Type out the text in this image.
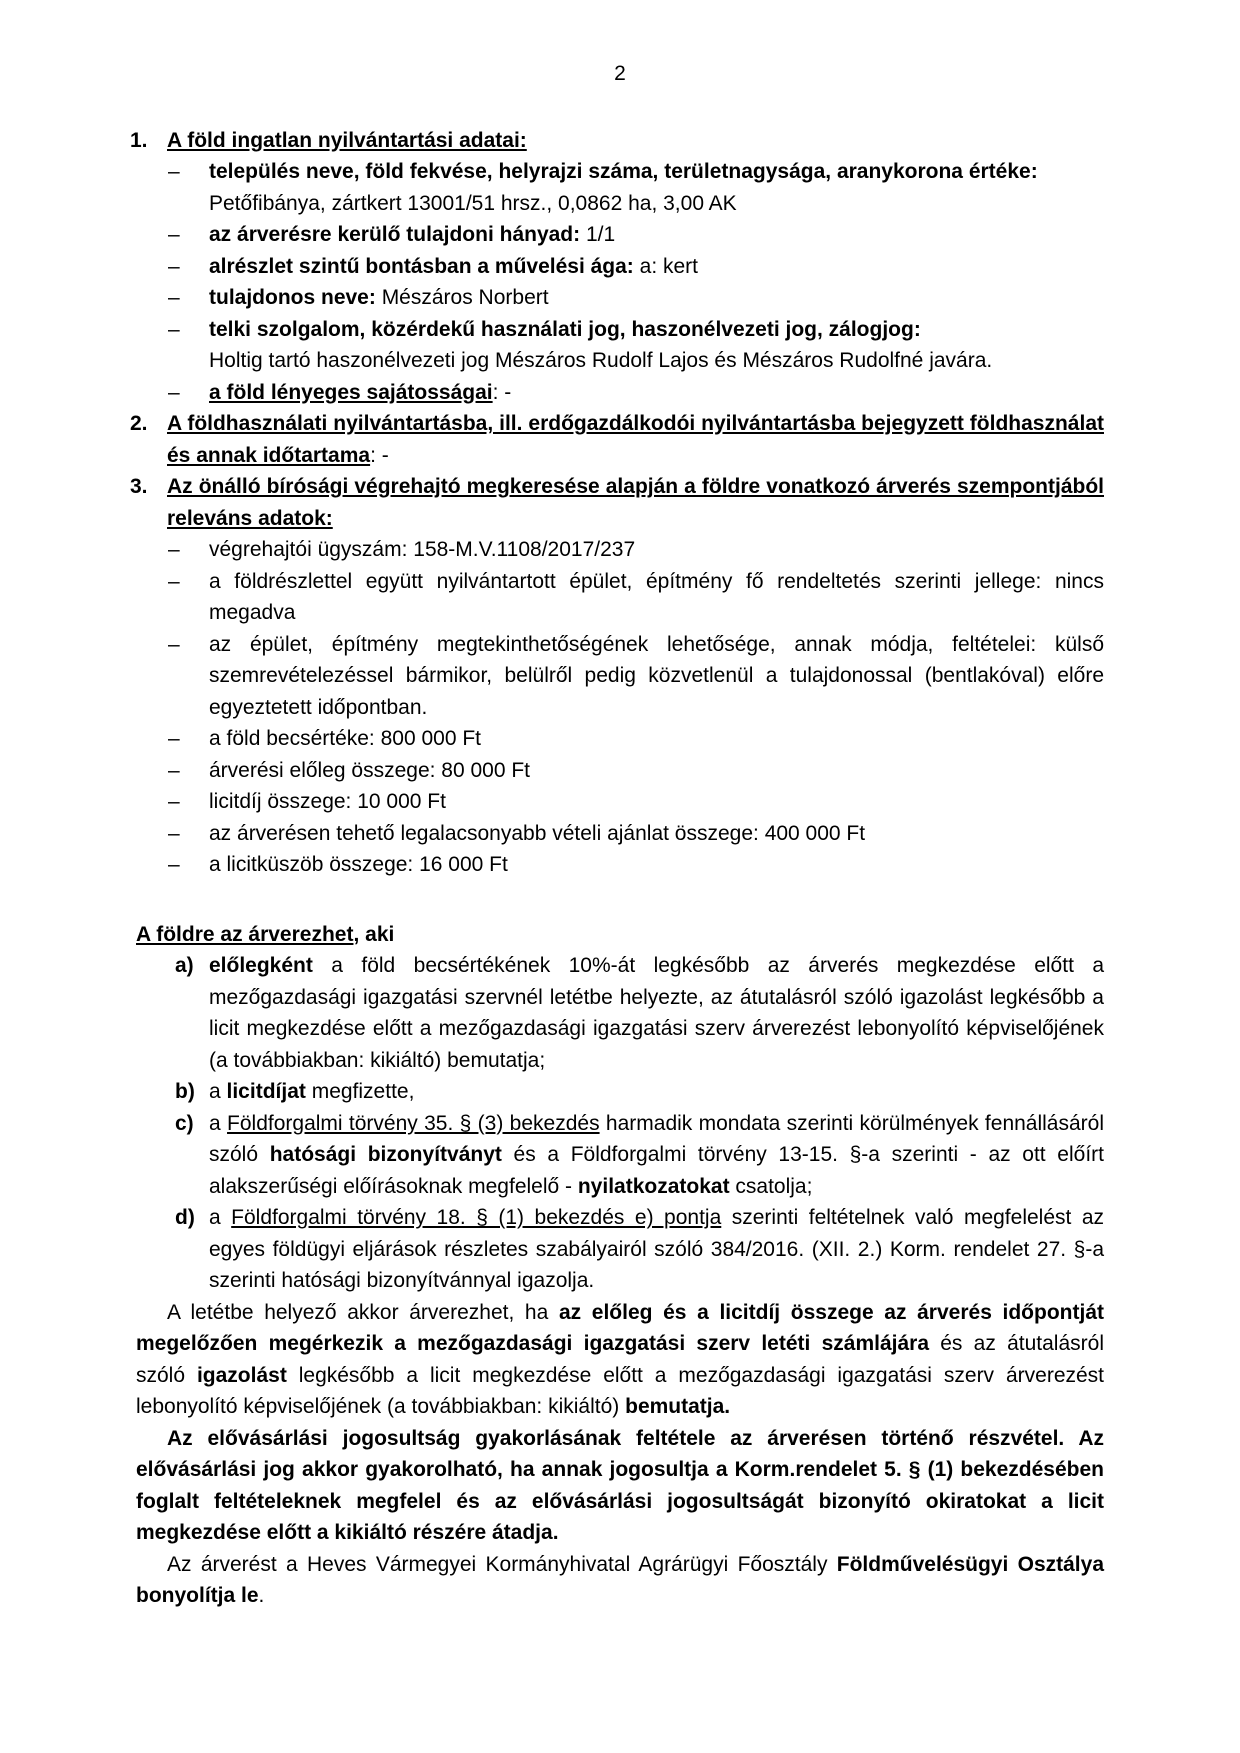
2
1. A föld ingatlan nyilvántartási adatai:
– település neve, föld fekvése, helyrajzi száma, területnagysága, aranykorona értéke:
Petőfibánya, zártkert 13001/51 hrsz., 0,0862 ha, 3,00 AK
– az árverésre kerülő tulajdoni hányad: 1/1
– alrészlet szintű bontásban a művelési ága: a: kert
– tulajdonos neve: Mészáros Norbert
– telki szolgalom, közérdekű használati jog, haszonélvezeti jog, zálogjog:
Holtig tartó haszonélvezeti jog Mészáros Rudolf Lajos és Mészáros Rudolfné javára.
– a föld lényeges sajátosságai: -
2. A földhasználati nyilvántartásba, ill. erdőgazdálkodói nyilvántartásba bejegyzett földhasználat és annak időtartama: -
3. Az önálló bírósági végrehajtó megkeresése alapján a földre vonatkozó árverés szempontjából releváns adatok:
– végrehajtói ügyszám: 158-M.V.1108/2017/237
– a földrészlettel együtt nyilvántartott épület, építmény fő rendeltetés szerinti jellege: nincs megadva
– az épület, építmény megtekinthetőségének lehetősége, annak módja, feltételei: külső szemrevételezéssel bármikor, belülről pedig közvetlenül a tulajdonossal (bentlakóval) előre egyeztetett időpontban.
– a föld becsértéke: 800 000 Ft
– árverési előleg összege: 80 000 Ft
– licitdíj összege: 10 000 Ft
– az árverésen tehető legalacsonyabb vételi ajánlat összege: 400 000 Ft
– a licitküszöb összege: 16 000 Ft
A földre az árverezhet, aki
a) előlegként a föld becsértékének 10%-át legkésőbb az árverés megkezdése előtt a mezőgazdasági igazgatási szervnél letétbe helyezte, az átutalásról szóló igazolást legkésőbb a licit megkezdése előtt a mezőgazdasági igazgatási szerv árverezést lebonyolító képviselőjének (a továbbiakban: kikiáltó) bemutatja;
b) a licitdíjat megfizette,
c) a Földforgalmi törvény 35. § (3) bekezdés harmadik mondata szerinti körülmények fennállásáról szóló hatósági bizonyítványt és a Földforgalmi törvény 13-15. §-a szerinti - az ott előírt alakszerűségi előírásoknak megfelelő - nyilatkozatokat csatolja;
d) a Földforgalmi törvény 18. § (1) bekezdés e) pontja szerinti feltételnek való megfelelést az egyes földügyi eljárások részletes szabályairól szóló 384/2016. (XII. 2.) Korm. rendelet 27. §-a szerinti hatósági bizonyítvánnyal igazolja.
A letétbe helyező akkor árverezhet, ha az előleg és a licitdíj összege az árverés időpontját megelőzően megérkezik a mezőgazdasági igazgatási szerv letéti számlájára és az átutalásról szóló igazolást legkésőbb a licit megkezdése előtt a mezőgazdasági igazgatási szerv árverezést lebonyolító képviselőjének (a továbbiakban: kikiáltó) bemutatja.
Az elővásárlási jogosultság gyakorlásának feltétele az árverésen történő részvétel. Az elővásárlási jog akkor gyakorolható, ha annak jogosultja a Korm.rendelet 5. § (1) bekezdésében foglalt feltételeknek megfelel és az elővásárlási jogosultságát bizonyító okiratokat a licit megkezdése előtt a kikiáltó részére átadja.
Az árverést a Heves Vármegyei Kormányhivatal Agrárügyi Főosztály Földművelésügyi Osztálya bonyolítja le.
